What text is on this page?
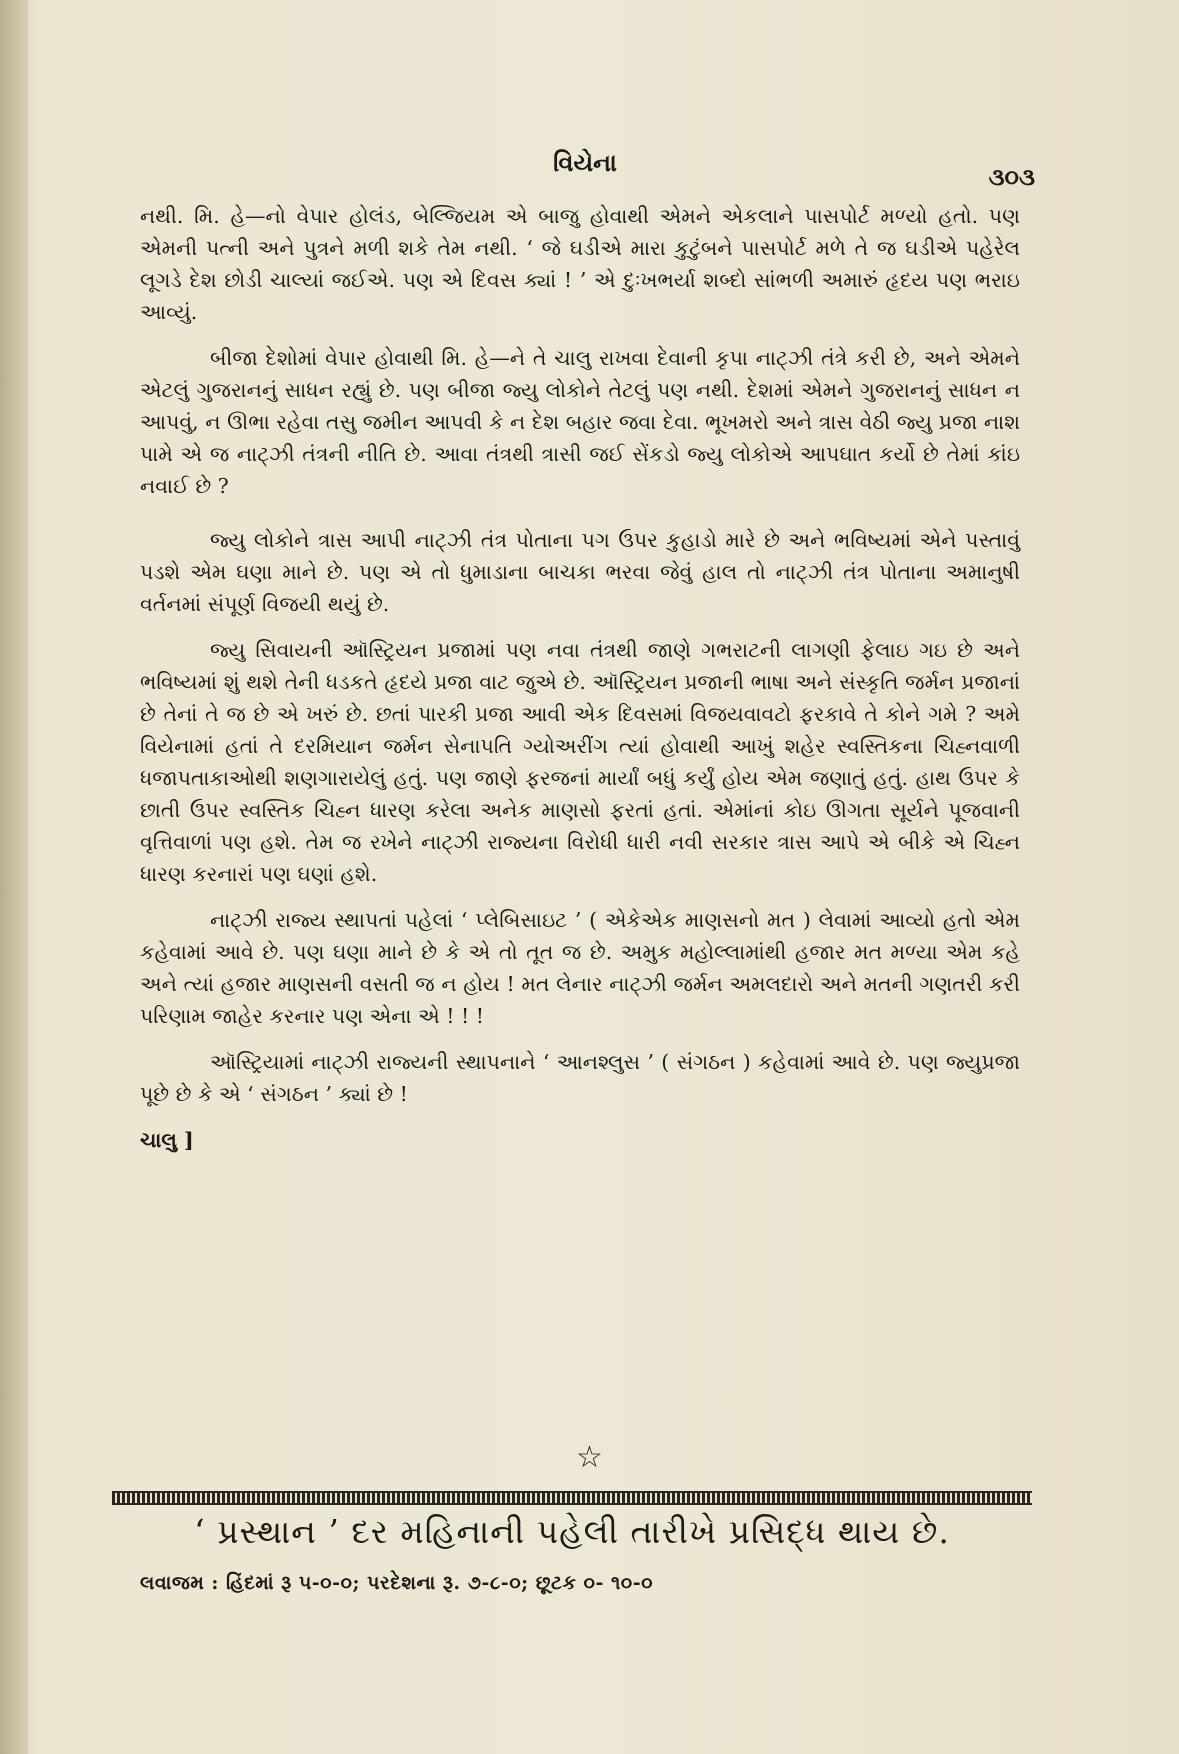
વિયેના	૩૦૩

નથી. મિ. હે—નો વેપાર હોલંડ, બેલ્જિયમ એ બાજુ હોવાથી એમને એકલાને પાસપોર્ટ મળ્યો હતો. પણ એમની પત્ની અને પુત્રને મળી શકે તેમ નથી. ‘ જે ઘડીએ મારા કુટુંબને પાસપોર્ટ મળે તે જ ઘડીએ પહેરેલ લૂગડે દેશ છોડી ચાલ્યાં જઈએ. પણ એ દિવસ ક્યાં ! ’ એ દુઃખભર્યા શબ્દો સાંભળી અમારું હૃદય પણ ભરાઇ આવ્યું.

બીજા દેશોમાં વેપાર હોવાથી મિ. હે—ને તે ચાલુ રાખવા દેવાની કૃપા નાટ્ઝી તંત્રે કરી છે, અને એમને એટલું ગુજરાનનું સાધન રહ્યું છે. પણ બીજા જ્યુ લોકોને તેટલું પણ નથી. દેશમાં એમને ગુજરાનનું સાધન ન આપવું, ન ઊભા રહેવા તસુ જમીન આપવી કે ન દેશ બહાર જવા દેવા. ભૂખમરો અને ત્રાસ વેઠી જ્યુ પ્રજા નાશ પામે એ જ નાટ્ઝી તંત્રની નીતિ છે. આવા તંત્રથી ત્રાસી જઈ સેંકડો જ્યુ લોકોએ આપઘાત કર્યો છે તેમાં કાંઇ નવાઈ છે ?

જ્યુ લોકોને ત્રાસ આપી નાટ્ઝી તંત્ર પોતાના પગ ઉપર કુહાડો મારે છે અને ભવિષ્યમાં એને પસ્તાવું પડશે એમ ઘણા માને છે. પણ એ તો ધુમાડાના બાચકા ભરવા જેવું હાલ તો નાટ્ઝી તંત્ર પોતાના અમાનુષી વર્તનમાં સંપૂર્ણ વિજયી થયું છે.

જ્યુ સિવાયની ઑસ્ટ્રિયન પ્રજામાં પણ નવા તંત્રથી જાણે ગભરાટની લાગણી ફેલાઇ ગઇ છે અને ભવિષ્યમાં શું થશે તેની ધડકતે હૃદયે પ્રજા વાટ જુએ છે. ઑસ્ટ્રિયન પ્રજાની ભાષા અને સંસ્કૃતિ જર્મન પ્રજાનાં છે તેનાં તે જ છે એ ખરું છે. છતાં પારકી પ્રજા આવી એક દિવસમાં વિજયવાવટો ફરકાવે તે કોને ગમે ? અમે વિયેનામાં હતાં તે દરમિયાન જર્મન સેનાપતિ ગ્યોઅરીંગ ત્યાં હોવાથી આખું શહેર સ્વસ્તિકના ચિહ્નવાળી ધજાપતાકાઓથી શણગારાયેલું હતું. પણ જાણે ફરજનાં માર્યાં બધું કર્યું હોય એમ જણાતું હતું. હાથ ઉપર કે છાતી ઉપર સ્વસ્તિક ચિહ્ન ધારણ કરેલા અનેક માણસો ફરતાં હતાં. એમાંનાં કોઇ ઊગતા સૂર્યને પૂજવાની વૃત્તિવાળાં પણ હશે. તેમ જ રખેને નાટ્ઝી રાજ્યના વિરોધી ધારી નવી સરકાર ત્રાસ આપે એ બીકે એ ચિહ્ન ધારણ કરનારાં પણ ઘણાં હશે.

નાટ્ઝી રાજ્ય સ્થાપતાં પહેલાં ‘ પ્લેબિસાઇટ ’ ( એકેએક માણસનો મત ) લેવામાં આવ્યો હતો એમ કહેવામાં આવે છે. પણ ઘણા માને છે કે એ તો તૂત જ છે. અમુક મહોલ્લામાંથી હજાર મત મળ્યા એમ કહે અને ત્યાં હજાર માણસની વસતી જ ન હોય ! મત લેનાર નાટ્ઝી જર્મન અમલદારો અને મતની ગણતરી કરી પરિણામ જાહેર કરનાર પણ એના એ ! ! !

ઑસ્ટ્રિયામાં નાટ્ઝી રાજ્યની સ્થાપનાને ‘ આનશ્લુસ ’ ( સંગઠન ) કહેવામાં આવે છે. પણ જ્યુપ્રજા પૂછે છે કે એ ‘ સંગઠન ’ ક્યાં છે !

ચાલુ ]
☆
‘ પ્રસ્થાન ’ દર મહિનાની પહેલી તારીખે પ્રસિદ્ધ થાય છે.
લવાજમ : હિંદમાં રૂ ૫-૦-૦; પરદેશના રૂ. ૭-૮-૦; છૂટક ૦- ૧૦-૦
